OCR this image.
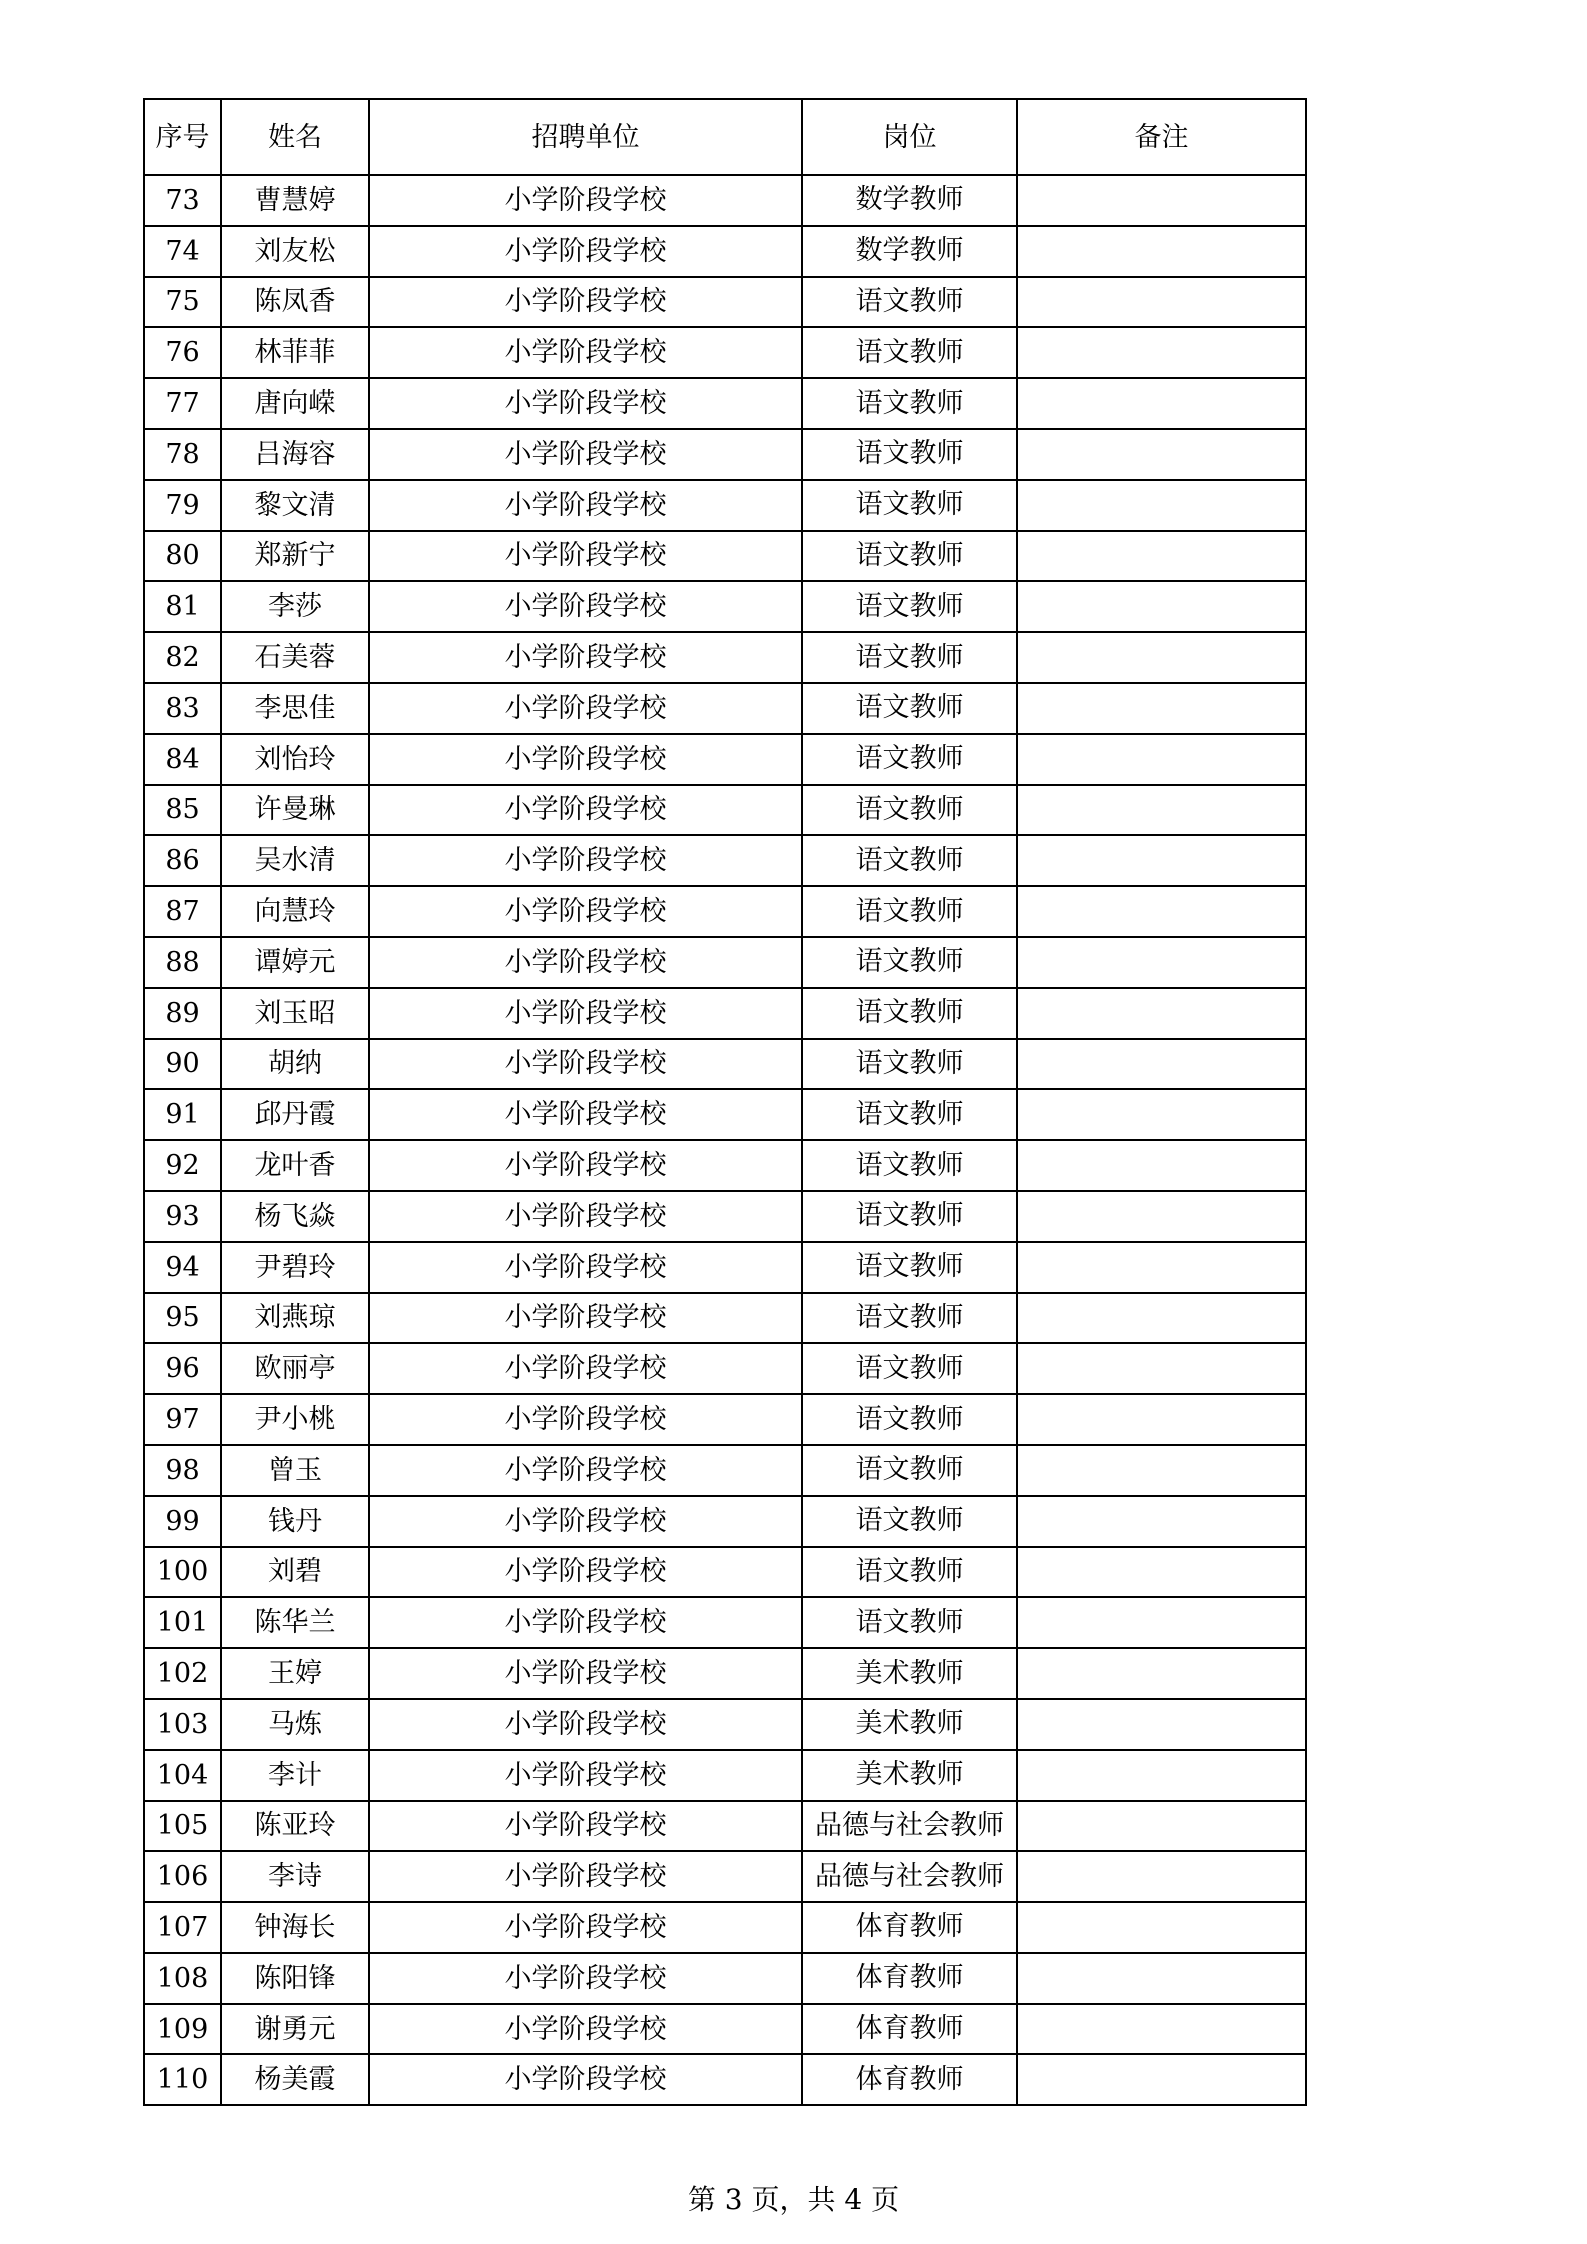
序号	姓名	招聘单位	岗位	备注
73	曹慧婷	小学阶段学校	数学教师	

74	刘友松	小学阶段学校	数学教师	

75	陈凤香	小学阶段学校	语文教师	

76	林菲菲	小学阶段学校	语文教师	

77	唐向嵘	小学阶段学校	语文教师	

78	吕海容	小学阶段学校	语文教师	

79	黎文清	小学阶段学校	语文教师	

80	郑新宁	小学阶段学校	语文教师	

81	李莎	小学阶段学校	语文教师	

82	石美蓉	小学阶段学校	语文教师	

83	李思佳	小学阶段学校	语文教师	

84	刘怡玲	小学阶段学校	语文教师	

85	许曼琳	小学阶段学校	语文教师	

86	吴水清	小学阶段学校	语文教师	

87	向慧玲	小学阶段学校	语文教师	

88	谭婷元	小学阶段学校	语文教师	

89	刘玉昭	小学阶段学校	语文教师	

90	胡纳	小学阶段学校	语文教师	

91	邱丹霞	小学阶段学校	语文教师	

92	龙叶香	小学阶段学校	语文教师	

93	杨飞焱	小学阶段学校	语文教师	

94	尹碧玲	小学阶段学校	语文教师	

95	刘燕琼	小学阶段学校	语文教师	

96	欧丽亭	小学阶段学校	语文教师	

97	尹小桃	小学阶段学校	语文教师	

98	曾玉	小学阶段学校	语文教师	

99	钱丹	小学阶段学校	语文教师	

100	刘碧	小学阶段学校	语文教师	

101	陈华兰	小学阶段学校	语文教师	

102	王婷	小学阶段学校	美术教师	

103	马炼	小学阶段学校	美术教师	

104	李计	小学阶段学校	美术教师	

105	陈亚玲	小学阶段学校	品德与社会教师	

106	李诗	小学阶段学校	品德与社会教师	

107	钟海长	小学阶段学校	体育教师	

108	陈阳锋	小学阶段学校	体育教师	

109	谢勇元	小学阶段学校	体育教师	

110	杨美霞	小学阶段学校	体育教师	

第 3 页，共 4 页
